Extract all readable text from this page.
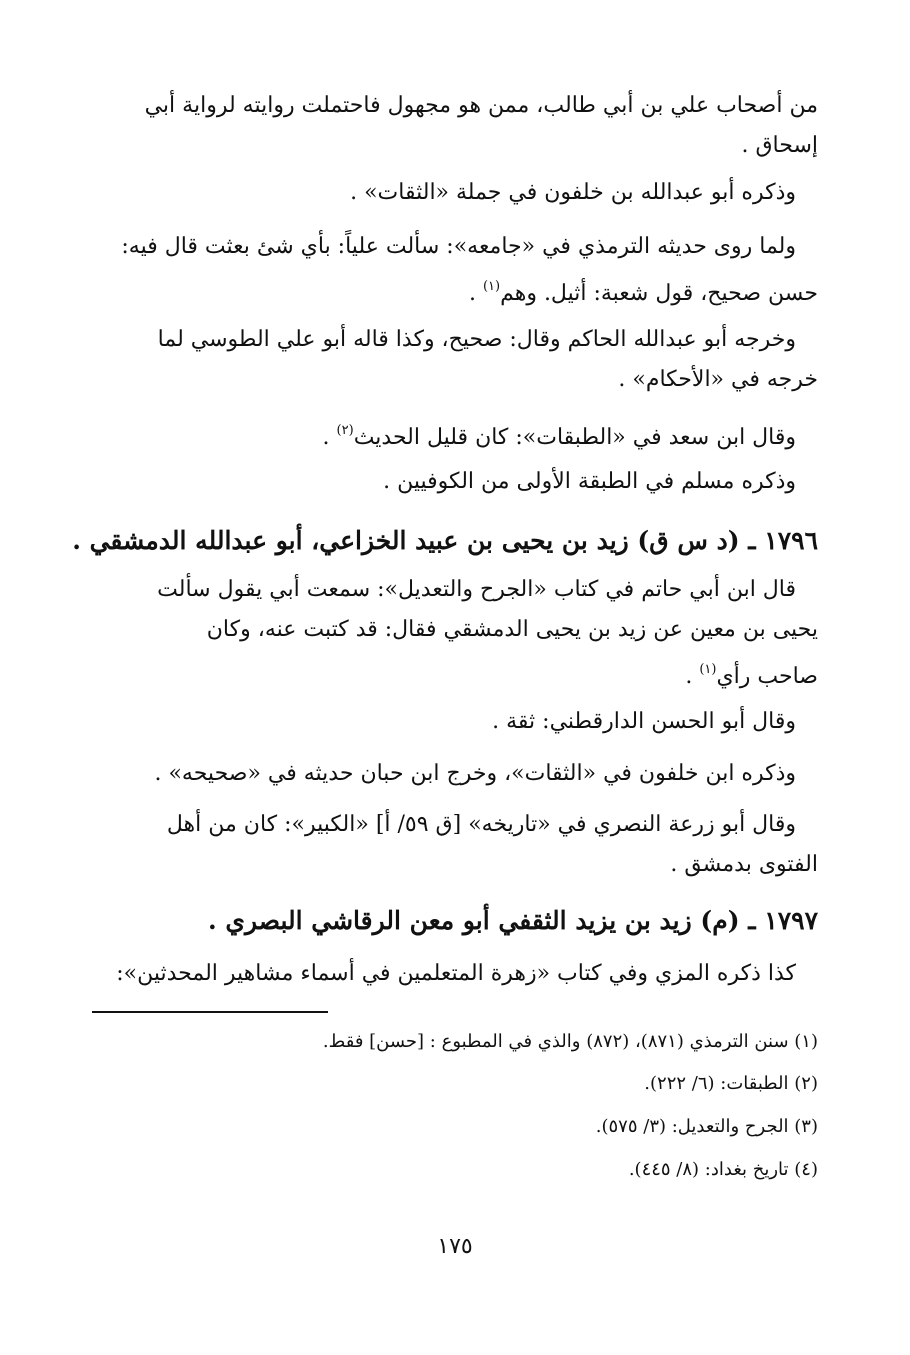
من أصحاب علي بن أبي طالب، ممن هو مجهول فاحتملت روايته لرواية أبي
إسحاق .
وذكره أبو عبدالله بن خلفون في جملة «الثقات» .
ولما روى حديثه الترمذي في «جامعه»: سألت علياً: بأي شئ بعثت قال فيه:
حسن صحيح، قول شعبة: أثيل. وهم$^{(١)}$ .
وخرجه أبو عبدالله الحاكم وقال: صحيح، وكذا قاله أبو علي الطوسي لما
خرجه في «الأحكام» .
وقال ابن سعد في «الطبقات»: كان قليل الحديث$^{(٢)}$ .
وذكره مسلم في الطبقة الأولى من الكوفيين .
١٧٩٦ ـ (د س ق) زيد بن يحيى بن عبيد الخزاعي، أبو عبدالله الدمشقي .
قال ابن أبي حاتم في كتاب «الجرح والتعديل»: سمعت أبي يقول سألت
يحيى بن معين عن زيد بن يحيى الدمشقي فقال: قد كتبت عنه، وكان
صاحب رأي$^{(١)}$ .
وقال أبو الحسن الدارقطني: ثقة .
وذكره ابن خلفون في «الثقات»، وخرج ابن حبان حديثه في «صحيحه» .
وقال أبو زرعة النصري في «تاريخه» [ق ٥٩/ أ] «الكبير»: كان من أهل
الفتوى بدمشق .
١٧٩٧ ـ (م) زيد بن يزيد الثقفي أبو معن الرقاشي البصري .
كذا ذكره المزي وفي كتاب «زهرة المتعلمين في أسماء مشاهير المحدثين»:
(١) سنن الترمذي (٨٧١)، (٨٧٢) والذي في المطبوع : [حسن] فقط.
(٢) الطبقات: (٦/ ٢٢٢).
(٣) الجرح والتعديل: (٣/ ٥٧٥).
(٤) تاريخ بغداد: (٨/ ٤٤٥).
١٧٥
